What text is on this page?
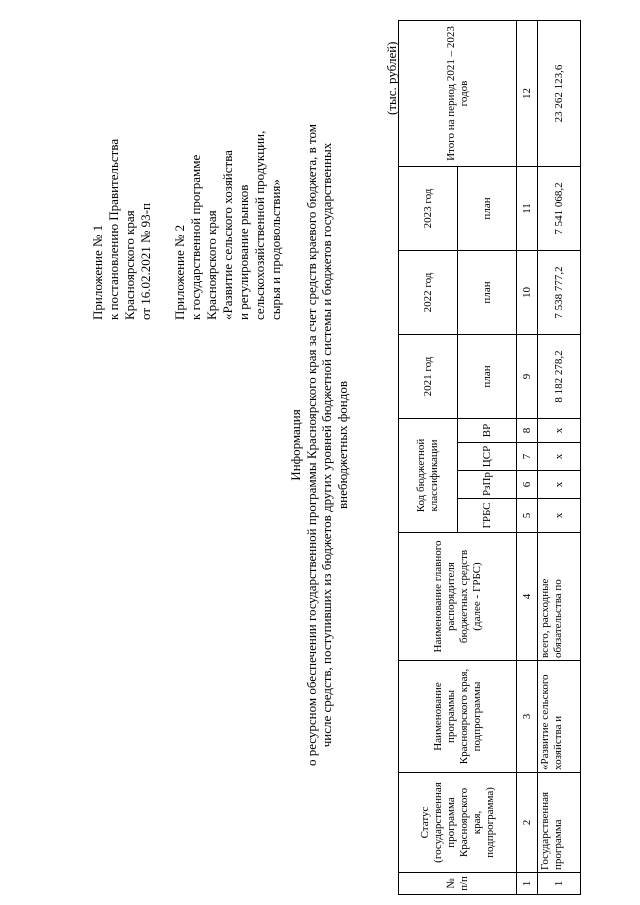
Приложение № 1 к постановлению Правительства Красноярского края от 16.02.2021 № 93-п Приложение № 2 к государственной программе Красноярского края «Развитие сельского хозяйства и регулирование рынков сельскохозяйственной продукции, сырья и продовольствия»
Информация о ресурсном обеспечении государственной программы Красноярского края за счет средств краевого бюджета, в том числе средств, поступивших из бюджетов других уровней бюджетной системы и бюджетов государственных внебюджетных фондов
(тыс. рублей)
№ п/п	Статус (государственная программа Красноярского края, подпрограмма)	Наименование программы Красноярского края, подпрограммы	Наименование главного распорядителя бюджетных средств (далее - ГРБС)	Код бюджетной классификации				2021 год	2022 год	2023 год	Итого на период 2021 – 2023 годов
				ГРБС	РзПр	ЦСР	ВР	план	план	план	
1	2	3	4	5	6	7	8	9	10	11	12
1	Государственная программа	«Развитие сельского хозяйства и	всего, расходные обязательства по	х	х	х	х	8 182 278,2	7 538 777,2	7 541 068,2	23 262 123,6
